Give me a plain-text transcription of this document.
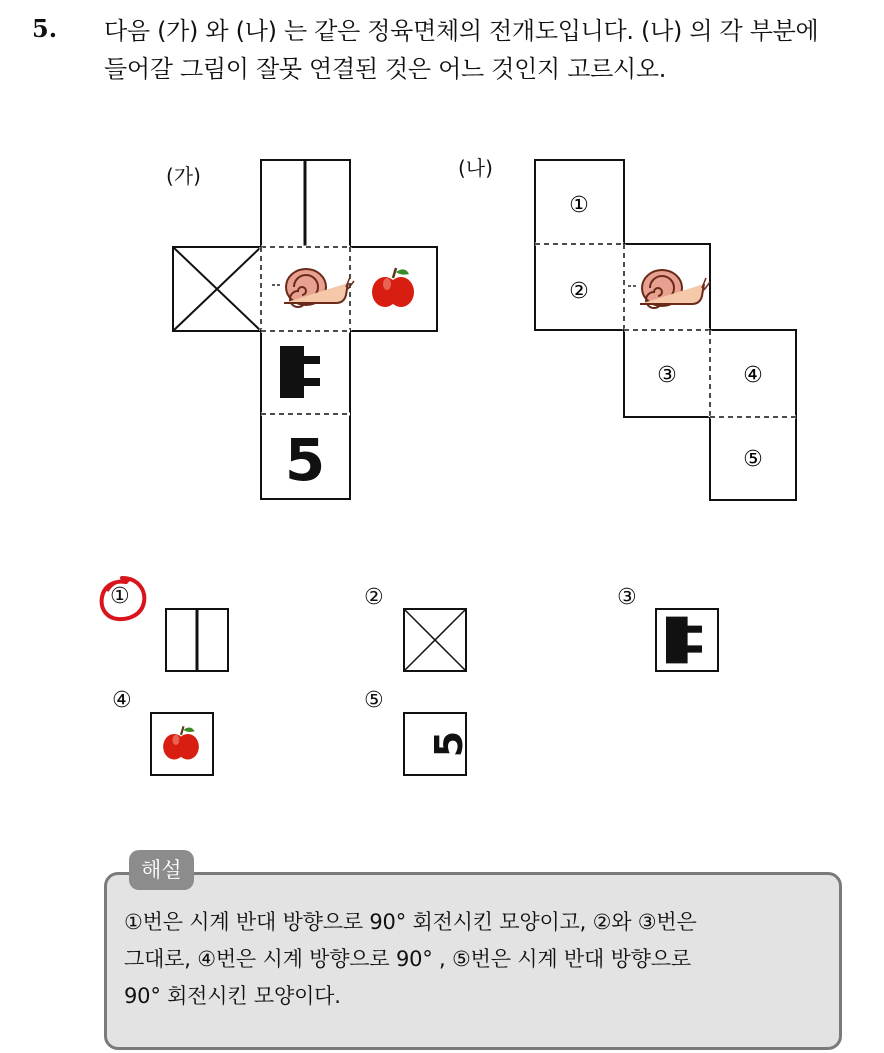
5. 다음 (가) 와 (나) 는 같은 정육면체의 전개도입니다. (나) 의 각 부분에
들어갈 그림이 잘못 연결된 것은 어느 것인지 고르시오.
(가)	(나)
5
①
②
③	④
⑤
5
①	②	③
④	⑤
해설
①번은 시계 반대 방향으로 90° 회전시킨 모양이고, ②와 ③번은
그대로, ④번은 시계 방향으로 90° , ⑤번은 시계 반대 방향으로
90° 회전시킨 모양이다.
